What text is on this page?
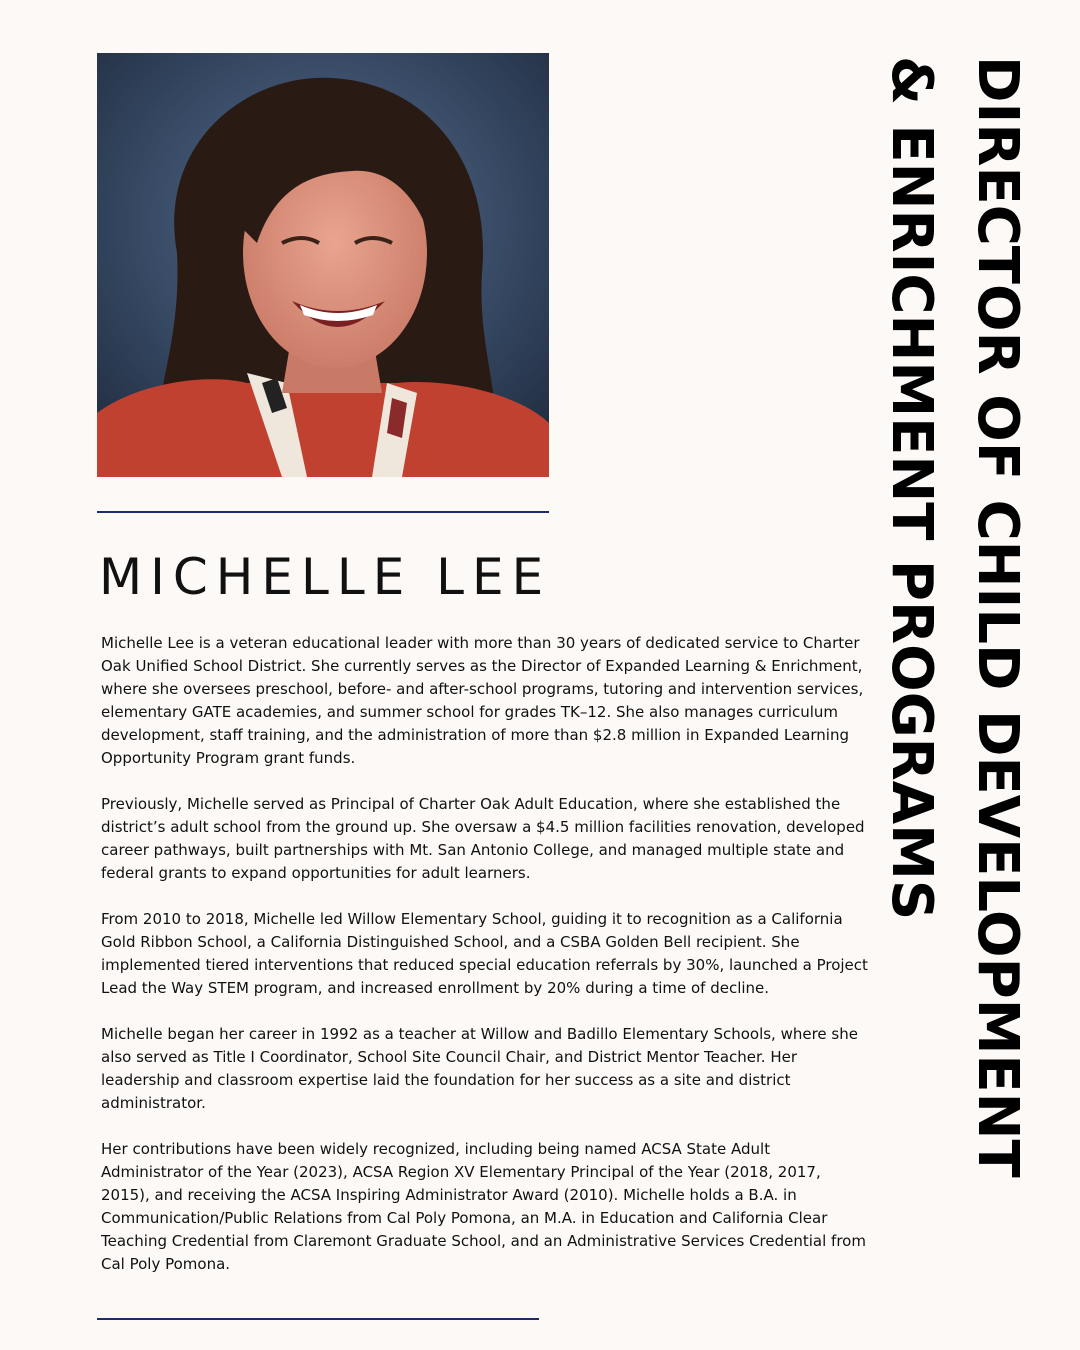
MICHELLE LEE

Michelle Lee is a veteran educational leader with more than 30 years of dedicated service to Charter Oak Unified School District. She currently serves as the Director of Expanded Learning & Enrichment, where she oversees preschool, before- and after-school programs, tutoring and intervention services, elementary GATE academies, and summer school for grades TK–12. She also manages curriculum development, staff training, and the administration of more than $2.8 million in Expanded Learning Opportunity Program grant funds.

Previously, Michelle served as Principal of Charter Oak Adult Education, where she established the district’s adult school from the ground up. She oversaw a $4.5 million facilities renovation, developed career pathways, built partnerships with Mt. San Antonio College, and managed multiple state and federal grants to expand opportunities for adult learners.

From 2010 to 2018, Michelle led Willow Elementary School, guiding it to recognition as a California Gold Ribbon School, a California Distinguished School, and a CSBA Golden Bell recipient. She implemented tiered interventions that reduced special education referrals by 30%, launched a Project Lead the Way STEM program, and increased enrollment by 20% during a time of decline.

Michelle began her career in 1992 as a teacher at Willow and Badillo Elementary Schools, where she also served as Title I Coordinator, School Site Council Chair, and District Mentor Teacher. Her leadership and classroom expertise laid the foundation for her success as a site and district administrator.

Her contributions have been widely recognized, including being named ACSA State Adult Administrator of the Year (2023), ACSA Region XV Elementary Principal of the Year (2018, 2017, 2015), and receiving the ACSA Inspiring Administrator Award (2010). Michelle holds a B.A. in Communication/Public Relations from Cal Poly Pomona, an M.A. in Education and California Clear Teaching Credential from Claremont Graduate School, and an Administrative Services Credential from Cal Poly Pomona.

DIRECTOR OF CHILD DEVELOPMENT
& ENRICHMENT PROGRAMS
